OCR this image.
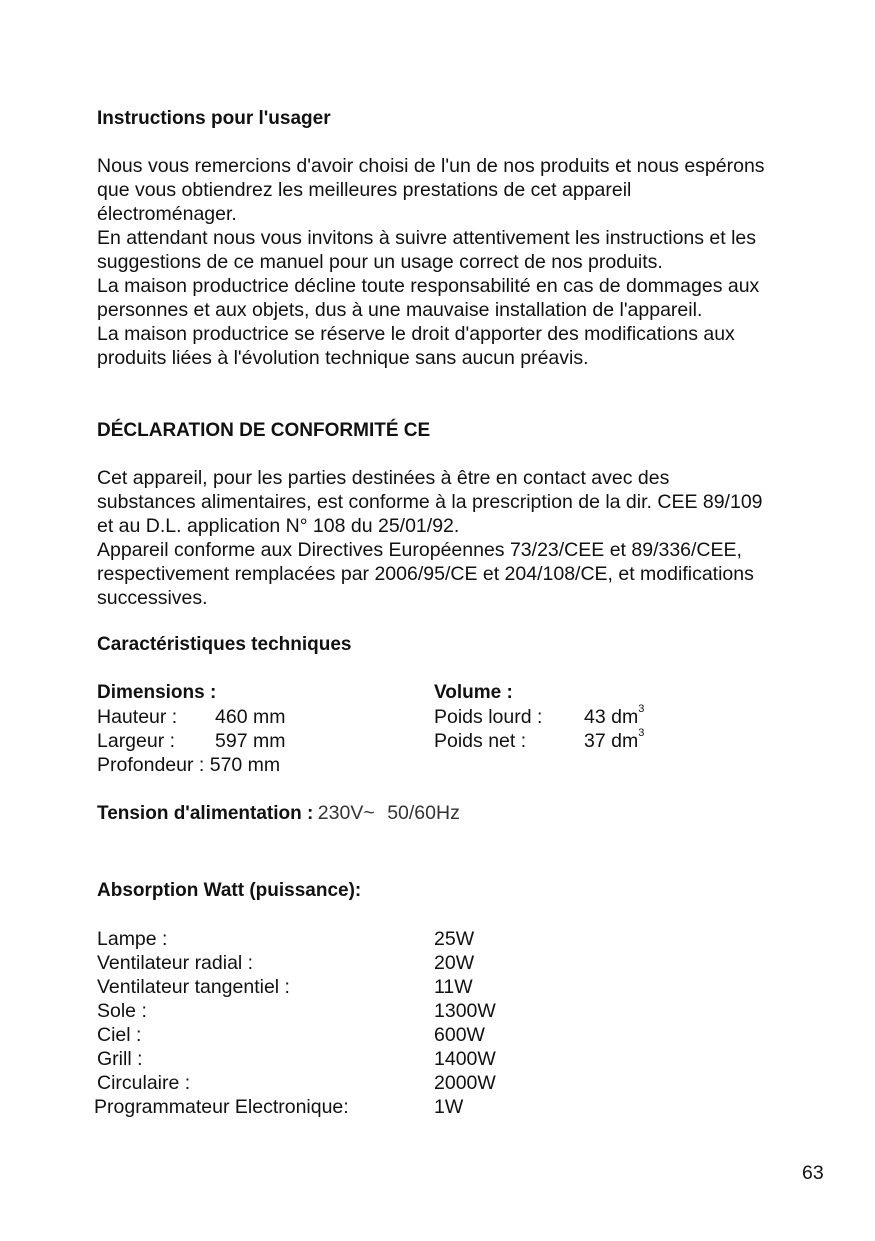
Instructions pour l'usager
Nous vous remercions d'avoir choisi de l'un de nos produits et nous espérons
que vous obtiendrez les meilleures prestations de cet appareil
électroménager.
En attendant nous vous invitons à suivre attentivement les instructions et les
suggestions de ce manuel pour un usage correct de nos produits.
La maison productrice décline toute responsabilité en cas de dommages aux
personnes et aux objets, dus à une mauvaise installation de l'appareil.
La maison productrice se réserve le droit d'apporter des modifications aux
produits liées à l'évolution technique sans aucun préavis.
DÉCLARATION DE CONFORMITÉ CE
Cet appareil, pour les parties destinées à être en contact avec des
substances alimentaires, est conforme à la prescription de la dir. CEE 89/109
et au D.L. application N° 108 du 25/01/92.
Appareil conforme aux Directives Européennes 73/23/CEE et 89/336/CEE,
respectivement remplacées par 2006/95/CE et 204/108/CE, et modifications
successives.
Caractéristiques techniques
Dimensions :
Hauteur : 460 mm
Largeur : 597 mm
Profondeur : 570 mm
Volume :
Poids lourd : 43 $dm^3$
Poids net :	37 $dm^3$
Tension d'alimentation : 230V~ 50/60Hz
Absorption Watt (puissance):
Lampe :	25W
Ventilateur radial :	20W
Ventilateur tangentiel :	11W
Sole :	1300W
Ciel :	600W
Grill :	1400W
Circulaire :	2000W
Programmateur Electronique:	1W
63
